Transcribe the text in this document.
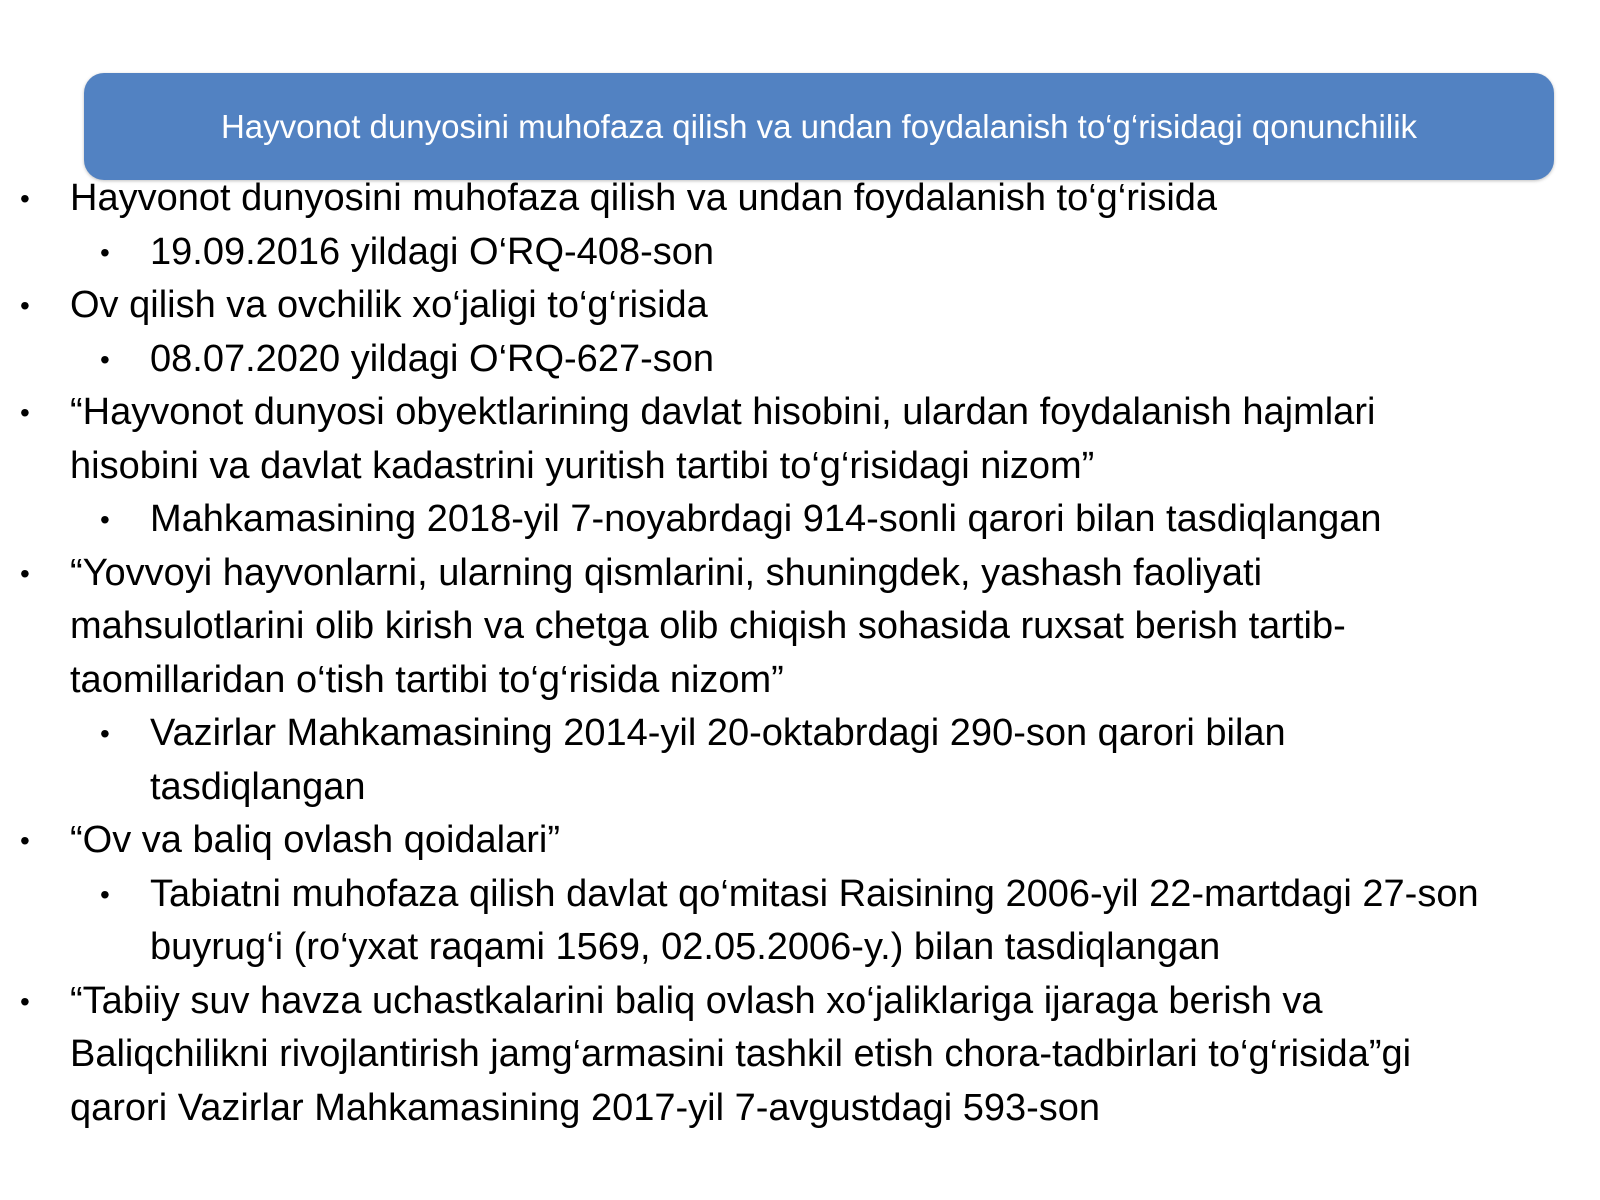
Hayvonot dunyosini muhofaza qilish va undan foydalanish to‘g‘risidagi qonunchilik
• Hayvonot dunyosini muhofaza qilish va undan foydalanish to‘g‘risida
• 19.09.2016 yildagi O‘RQ-408-son
• Ov qilish va ovchilik xo‘jaligi to‘g‘risida
• 08.07.2020 yildagi O‘RQ-627-son
• “Hayvonot dunyosi obyektlarining davlat hisobini, ulardan foydalanish hajmlari
hisobini va davlat kadastrini yuritish tartibi to‘g‘risidagi nizom”
• Mahkamasining 2018-yil 7-noyabrdagi 914-sonli qarori bilan tasdiqlangan
• “Yovvoyi hayvonlarni, ularning qismlarini, shuningdek, yashash faoliyati
mahsulotlarini olib kirish va chetga olib chiqish sohasida ruxsat berish tartib-
taomillaridan o‘tish tartibi to‘g‘risida nizom”
• Vazirlar Mahkamasining 2014-yil 20-oktabrdagi 290-son qarori bilan
tasdiqlangan
• “Ov va baliq ovlash qoidalari”
• Tabiatni muhofaza qilish davlat qo‘mitasi Raisining 2006-yil 22-martdagi 27-son
buyrug‘i (ro‘yxat raqami 1569, 02.05.2006-y.) bilan tasdiqlangan
• “Tabiiy suv havza uchastkalarini baliq ovlash xo‘jaliklariga ijaraga berish va
Baliqchilikni rivojlantirish jamg‘armasini tashkil etish chora-tadbirlari to‘g‘risida”gi
qarori Vazirlar Mahkamasining 2017-yil 7-avgustdagi 593-son
